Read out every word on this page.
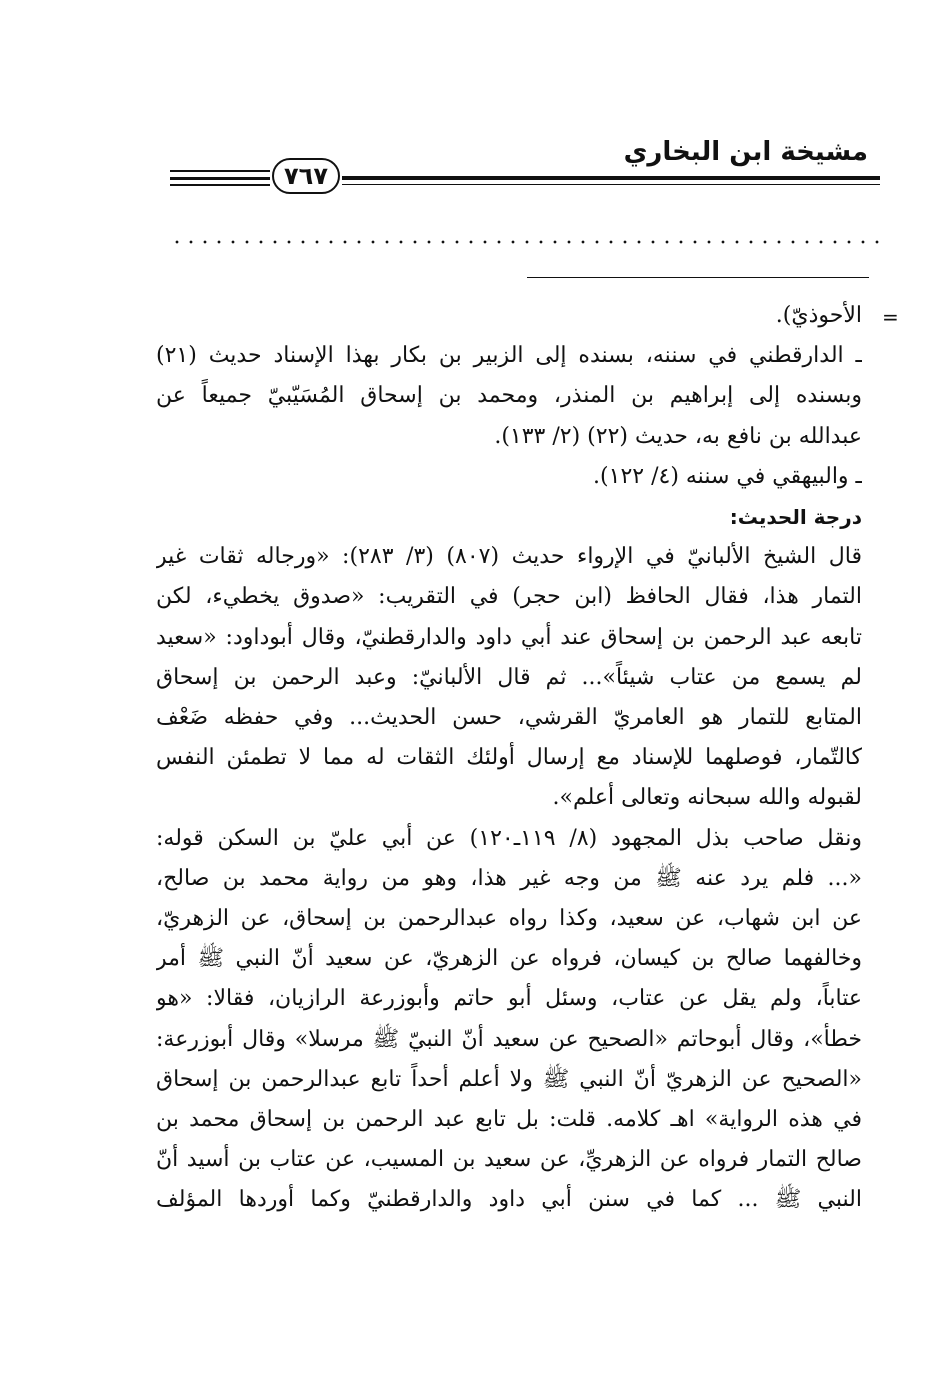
مشيخة ابن البخاري
٧٦٧
=
الأحوذيّ).
ـ الدارقطني في سننه، بسنده إلى الزبير بن بكار بهذا الإسناد حديث (٢١)
وبسنده إلى إبراهيم بن المنذر، ومحمد بن إسحاق المُسَيّبيّ جميعاً عن
عبدالله بن نافع به، حديث (٢٢) (٢/ ١٣٣).
ـ والبيهقي في سننه (٤/ ١٢٢).
درجة الحديث:
قال الشيخ الألبانيّ في الإرواء حديث (٨٠٧) (٣/ ٢٨٣): «ورجاله ثقات غير
التمار هذا، فقال الحافظ (ابن حجر) في التقريب: «صدوق يخطيء، لكن
تابعه عبد الرحمن بن إسحاق عند أبي داود والدارقطنيّ، وقال أبوداود: «سعيد
لم يسمع من عتاب شيئاً»... ثم قال الألبانيّ: وعبد الرحمن بن إسحاق
المتابع للتمار هو العامريّ القرشي، حسن الحديث... وفي حفظه ضَعْف
كالتّمار، فوصلهما للإسناد مع إرسال أولئك الثقات له مما لا تطمئن النفس
لقبوله والله سبحانه وتعالى أعلم».
ونقل صاحب بذل المجهود (٨/ ١١٩ـ١٢٠) عن أبي عليّ بن السكن قوله:
«... فلم يرد عنه ﷺ من وجه غير هذا، وهو من رواية محمد بن صالح،
عن ابن شهاب، عن سعيد، وكذا رواه عبدالرحمن بن إسحاق، عن الزهريّ،
وخالفهما صالح بن كيسان، فرواه عن الزهريّ، عن سعيد أنّ النبي ﷺ أمر
عتاباً، ولم يقل عن عتاب، وسئل أبو حاتم وأبوزرعة الرازيان، فقالا: «هو
خطأ»، وقال أبوحاتم «الصحيح عن سعيد أنّ النبيّ ﷺ مرسلا» وقال أبوزرعة:
«الصحيح عن الزهريّ أنّ النبي ﷺ ولا أعلم أحداً تابع عبدالرحمن بن إسحاق
في هذه الرواية» اهـ كلامه. قلت: بل تابع عبد الرحمن بن إسحاق محمد بن
صالح التمار فرواه عن الزهريِّ، عن سعيد بن المسيب، عن عتاب بن أسيد أنّ
النبي ﷺ ... كما في سنن أبي داود والدارقطنيّ وكما أوردها المؤلف
